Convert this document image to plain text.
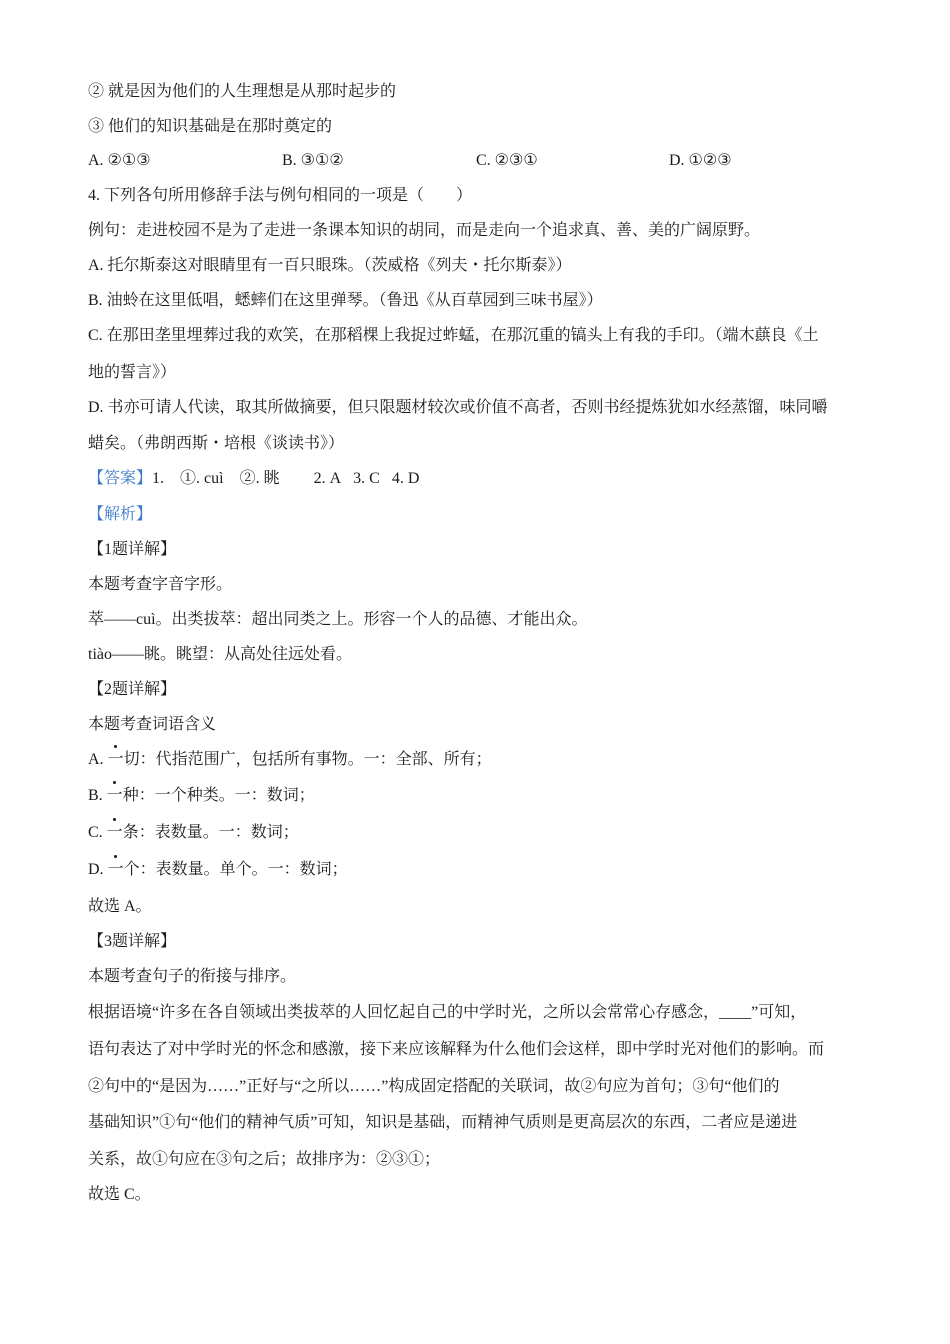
② 就是因为他们的人生理想是从那时起步的
③ 他们的知识基础是在那时奠定的
A. ②①③	B. ③①②	C. ②③①	D. ①②③
4. 下列各句所用修辞手法与例句相同的一项是（　　）
例句：走进校园不是为了走进一条课本知识的胡同，而是走向一个追求真、善、美的广阔原野。
A. 托尔斯泰这对眼睛里有一百只眼珠。（茨威格《列夫・托尔斯泰》）
B. 油蛉在这里低唱，蟋蟀们在这里弹琴。（鲁迅《从百草园到三味书屋》）
C. 在那田垄里埋葬过我的欢笑，在那稻棵上我捉过蚱蜢，在那沉重的镐头上有我的手印。（端木蕻良《土
地的誓言》）
D. 书亦可请人代读，取其所做摘要，但只限题材较次或价值不高者，否则书经提炼犹如水经蒸馏，味同嚼
蜡矣。（弗朗西斯・培根《谈读书》）
【答案】1.　①. cuì　②. 眺 2. A 3. C 4. D
【解析】
【1题详解】
本题考查字音字形。
萃——cuì。出类拔萃：超出同类之上。形容一个人的品德、才能出众。
tiào——眺。眺望：从高处往远处看。
【2题详解】
本题考查词语含义
A. 一切：代指范围广，包括所有事物。一：全部、所有；
B. 一种：一个种类。一：数词；
C. 一条：表数量。一：数词；
D. 一个：表数量。单个。一：数词；
故选 A。
【3题详解】
本题考查句子的衔接与排序。
根据语境“许多在各自领域出类拔萃的人回忆起自己的中学时光，之所以会常常心存感念，____”可知，
语句表达了对中学时光的怀念和感激，接下来应该解释为什么他们会这样，即中学时光对他们的影响。而
②句中的“是因为……”正好与“之所以……”构成固定搭配的关联词，故②句应为首句；③句“他们的
基础知识”①句“他们的精神气质”可知，知识是基础，而精神气质则是更高层次的东西，二者应是递进
关系，故①句应在③句之后；故排序为：②③①；
故选 C。
